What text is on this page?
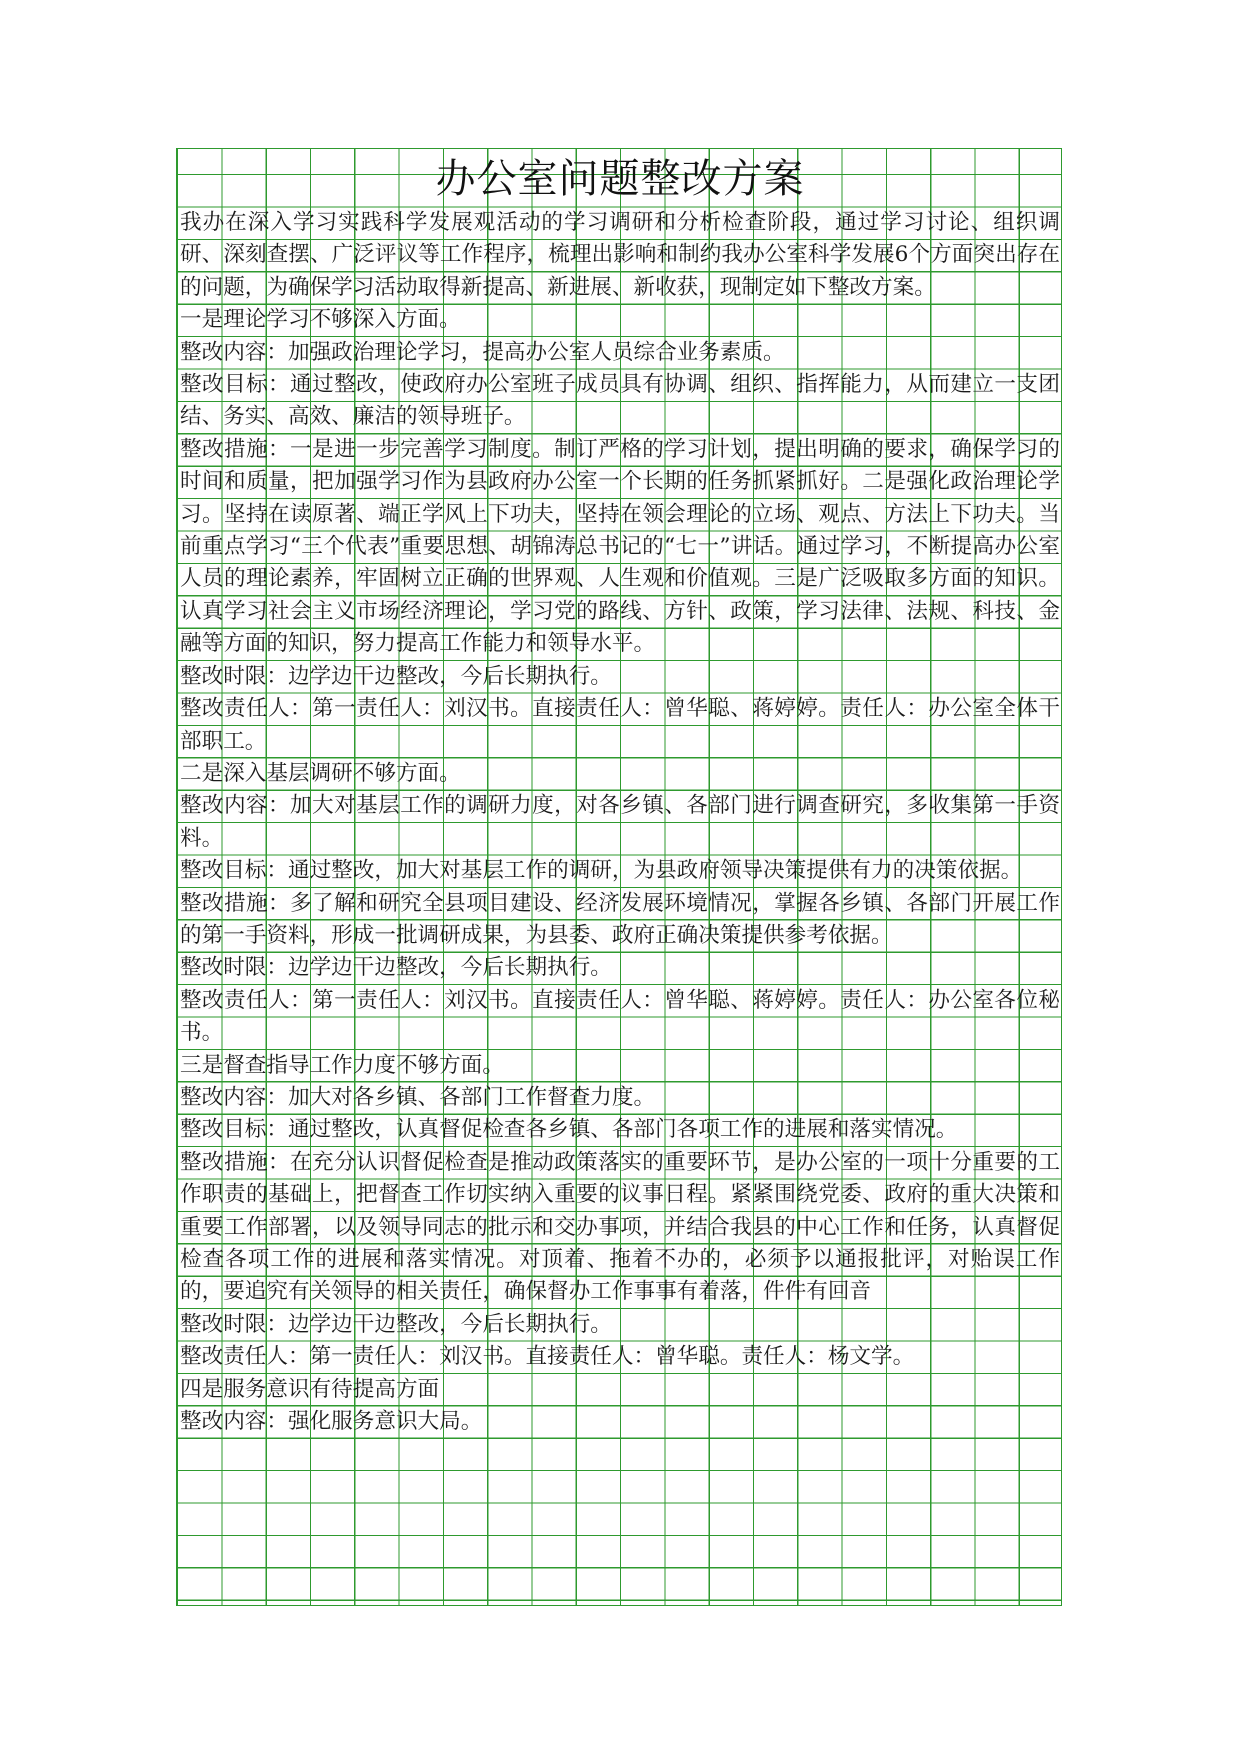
办公室问题整改方案

我办在深入学习实践科学发展观活动的学习调研和分析检查阶段，通过学习讨论、组织调研、深刻查摆、广泛评议等工作程序，梳理出影响和制约我办公室科学发展6个方面突出存在的问题，为确保学习活动取得新提高、新进展、新收获，现制定如下整改方案。

一是理论学习不够深入方面。

整改内容：加强政治理论学习，提高办公室人员综合业务素质。

整改目标：通过整改，使政府办公室班子成员具有协调、组织、指挥能力，从而建立一支团结、务实、高效、廉洁的领导班子。

整改措施：一是进一步完善学习制度。制订严格的学习计划，提出明确的要求，确保学习的时间和质量，把加强学习作为县政府办公室一个长期的任务抓紧抓好。二是强化政治理论学习。坚持在读原著、端正学风上下功夫，坚持在领会理论的立场、观点、方法上下功夫。当前重点学习“三个代表”重要思想、胡锦涛总书记的“七一”讲话。通过学习，不断提高办公室人员的理论素养，牢固树立正确的世界观、人生观和价值观。三是广泛吸取多方面的知识。认真学习社会主义市场经济理论，学习党的路线、方针、政策，学习法律、法规、科技、金融等方面的知识，努力提高工作能力和领导水平。

整改时限：边学边干边整改，今后长期执行。

整改责任人：第一责任人：刘汉书。直接责任人：曾华聪、蒋婷婷。责任人：办公室全体干部职工。

二是深入基层调研不够方面。

整改内容：加大对基层工作的调研力度，对各乡镇、各部门进行调查研究，多收集第一手资料。

整改目标：通过整改，加大对基层工作的调研，为县政府领导决策提供有力的决策依据。

整改措施：多了解和研究全县项目建设、经济发展环境情况，掌握各乡镇、各部门开展工作的第一手资料，形成一批调研成果，为县委、政府正确决策提供参考依据。

整改时限：边学边干边整改，今后长期执行。

整改责任人：第一责任人：刘汉书。直接责任人：曾华聪、蒋婷婷。责任人：办公室各位秘书。

三是督查指导工作力度不够方面。

整改内容：加大对各乡镇、各部门工作督查力度。

整改目标：通过整改，认真督促检查各乡镇、各部门各项工作的进展和落实情况。

整改措施：在充分认识督促检查是推动政策落实的重要环节，是办公室的一项十分重要的工作职责的基础上，把督查工作切实纳入重要的议事日程。紧紧围绕党委、政府的重大决策和重要工作部署，以及领导同志的批示和交办事项，并结合我县的中心工作和任务，认真督促检查各项工作的进展和落实情况。对顶着、拖着不办的，必须予以通报批评，对贻误工作的，要追究有关领导的相关责任，确保督办工作事事有着落，件件有回音

整改时限：边学边干边整改，今后长期执行。

整改责任人：第一责任人：刘汉书。直接责任人：曾华聪。责任人：杨文学。

四是服务意识有待提高方面

整改内容：强化服务意识大局。
